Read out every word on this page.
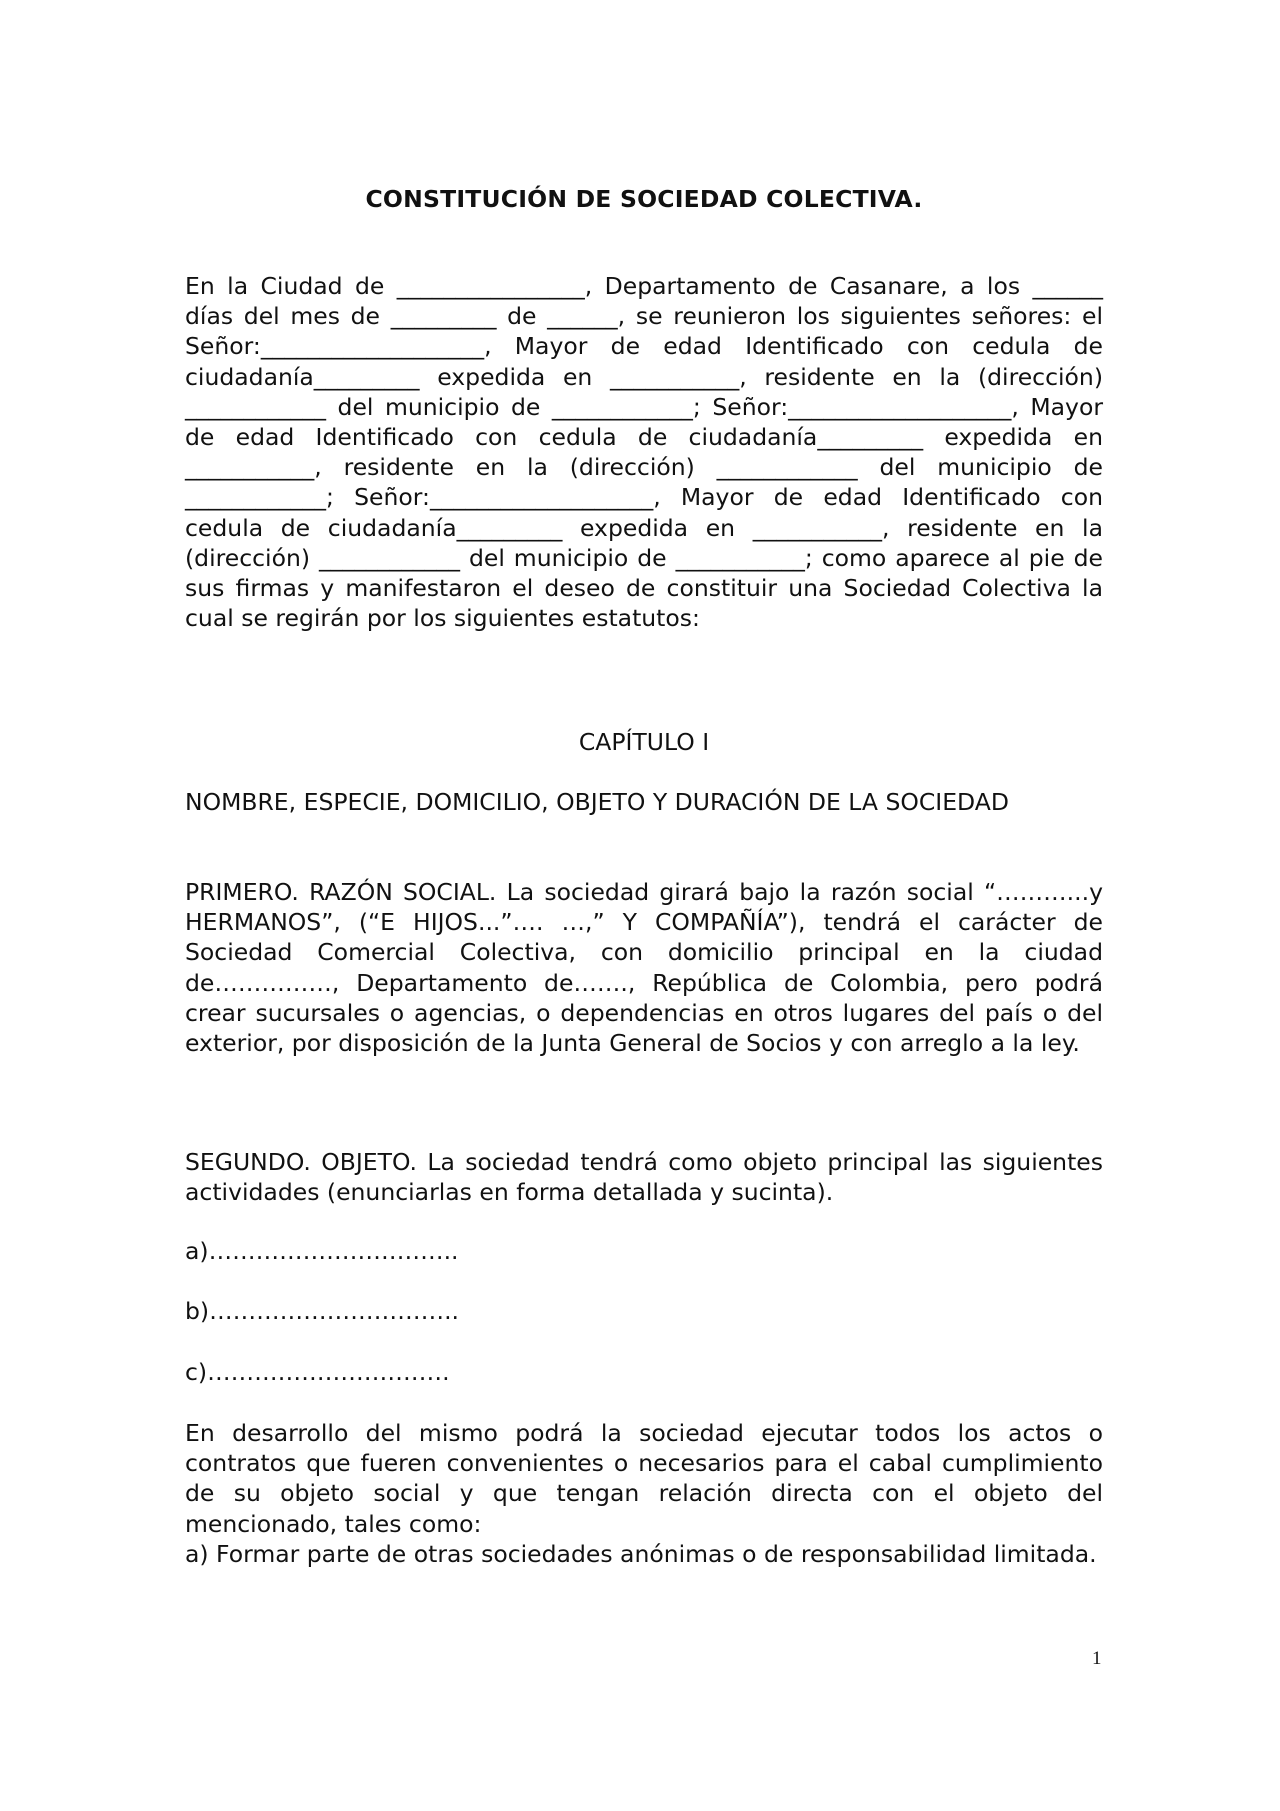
CONSTITUCIÓN DE SOCIEDAD COLECTIVA.

En la Ciudad de ________________, Departamento de Casanare, a los ______ días del mes de _________ de ______, se reunieron los siguientes señores: el Señor:___________________, Mayor de edad Identificado con cedula de ciudadanía_________ expedida en ___________, residente en la (dirección) ____________ del municipio de ____________; Señor:___________________, Mayor de edad Identificado con cedula de ciudadanía_________ expedida en ___________, residente en la (dirección) ____________ del municipio de ____________; Señor:___________________, Mayor de edad Identificado con cedula de ciudadanía_________ expedida en ___________, residente en la (dirección) ____________ del municipio de ___________; como aparece al pie de sus firmas y manifestaron el deseo de constituir una Sociedad Colectiva la cual se regirán por los siguientes estatutos:

CAPÍTULO I

NOMBRE, ESPECIE, DOMICILIO, OBJETO Y DURACIÓN DE LA SOCIEDAD

PRIMERO. RAZÓN SOCIAL. La sociedad girará bajo la razón social “………...y HERMANOS”, (“E HIJOS...”…. …,” Y COMPAÑÍA”), tendrá el carácter de Sociedad Comercial Colectiva, con domicilio principal en la ciudad de……………, Departamento de……., República de Colombia, pero podrá crear sucursales o agencias, o dependencias en otros lugares del país o del exterior, por disposición de la Junta General de Socios y con arreglo a la ley.

SEGUNDO. OBJETO. La sociedad tendrá como objeto principal las siguientes actividades (enunciarlas en forma detallada y sucinta).

a)…………………………..

b)…………………………..

c)………………………….

En desarrollo del mismo podrá la sociedad ejecutar todos los actos o contratos que fueren convenientes o necesarios para el cabal cumplimiento de su objeto social y que tengan relación directa con el objeto del mencionado, tales como:

a) Formar parte de otras sociedades anónimas o de responsabilidad limitada.

1
